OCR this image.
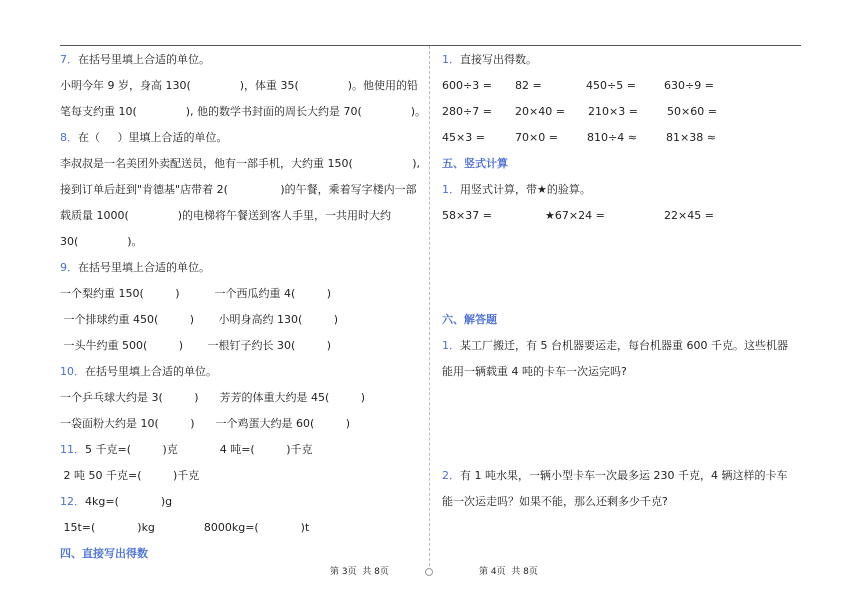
7．在括号里填上合适的单位。
小明今年 9 岁，身高 130(              )，体重 35(              )。他使用的铅
笔每支约重 10(              ), 他的数学书封面的周长大约是 70(              )。
8．在（     ）里填上合适的单位。
李叔叔是一名美团外卖配送员，他有一部手机，大约重 150(                 ),
接到订单后赶到"肯德基"店带着 2(               )的午餐，乘着写字楼内一部
载质量 1000(              )的电梯将午餐送到客人手里，一共用时大约
30(              )。
9．在括号里填上合适的单位。
一个梨约重 150(         )          一个西瓜约重 4(         )
一个排球约重 450(         )       小明身高约 130(         )
一头牛约重 500(         )       一根钉子约长 30(         )
10．在括号里填上合适的单位。
一个乒乓球大约是 3(         )      芳芳的体重大约是 45(         )
一袋面粉大约是 10(         )      一个鸡蛋大约是 60(         )
11．5 千克=(         )克            4 吨=(         )千克
2 吨 50 千克=(         )千克
12．4kg=(            )g
15t=(            )kg              8000kg=(            )t
四、直接写出得数
1．直接写出得数。
600÷3 = 82 =	450÷5 =	630÷9 =
280÷7 = 20×40 = 210×3 =	50×60 =
45×3 =	70×0 =	810÷4 ≈	81×38 ≈
五、竖式计算
1．用竖式计算，带★的验算。
58×37 =	★67×24 =	22×45 =
六、解答题
1．某工厂搬迁，有 5 台机器要运走，每台机器重 600 千克。这些机器
能用一辆载重 4 吨的卡车一次运完吗?
2．有 1 吨水果，一辆小型卡车一次最多运 230 千克，4 辆这样的卡车
能一次运走吗？如果不能，那么还剩多少千克?
第 3页  共 8页	第 4页  共 8页
